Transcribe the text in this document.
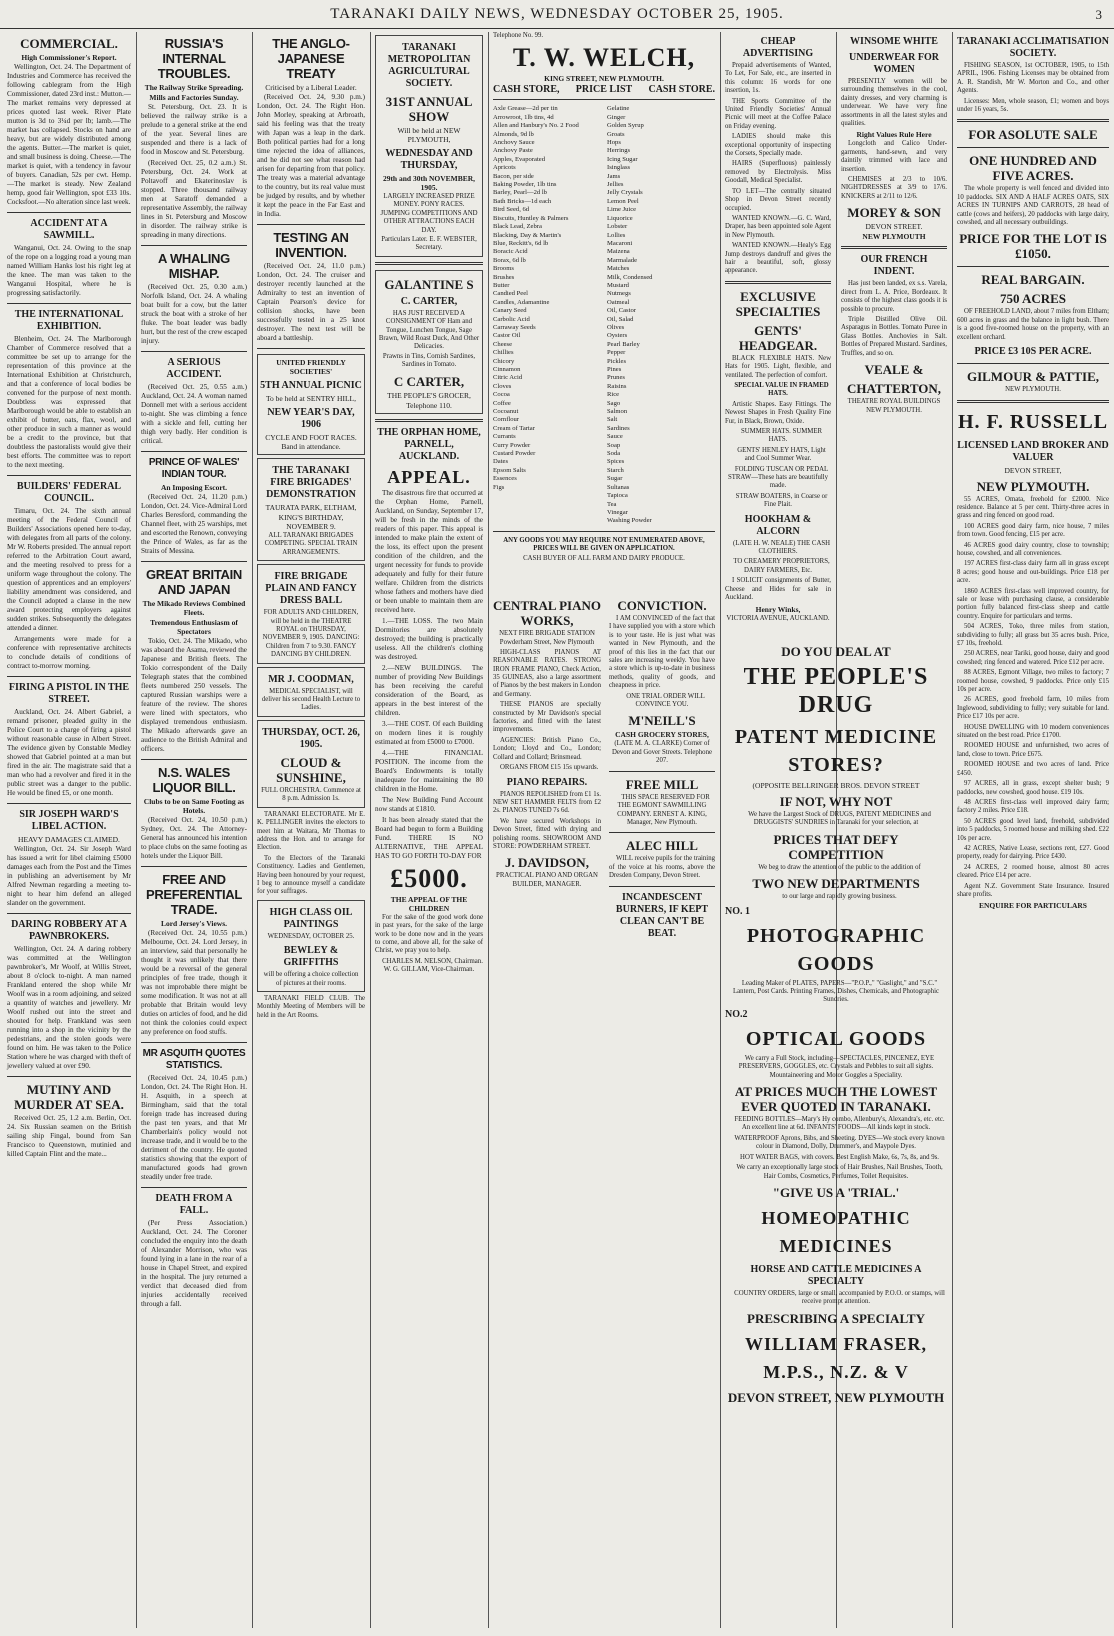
TARANAKI DAILY NEWS, WEDNESDAY OCTOBER 25, 1905.	3
COMMERCIAL.
High Commissioner's Report.

Wellington, Oct. 24. The Department of Industries and Commerce has received the following cablegram from the High Commissioner, dated 23rd inst.: Mutton.—The market remains very depressed at prices quoted last week. River Plate mutton is 3d to 3¼d per lb; lamb.—The market has collapsed. Stocks on hand are heavy, but are widely distributed among the agents. Butter.—The market is quiet, and small business is doing. Cheese.—The market is quiet, with a tendency in favour of buyers. Canadian, 52s per cwt. Hemp.—The market is steady. New Zealand hemp, good fair Wellington, spot £33 10s. Cocksfoot.—No alteration since last week.

ACCIDENT AT A SAWMILL.

Wanganui, Oct. 24. Owing to the snap of the rope on a logging road a young man named William Hanks lost his right leg at the knee. The man was taken to the Wanganui Hospital, where he is progressing satisfactorily.

THE INTERNATIONAL EXHIBITION.

Blenheim, Oct. 24. The Marlborough Chamber of Commerce resolved that a committee be set up to arrange for the representation of this province at the International Exhibition at Christchurch, and that a conference of local bodies be convened for the purpose of next month. Doubtless was expressed that Marlborough would be able to establish an exhibit of butter, oats, flax, wool, and other produce in such a manner as would be a credit to the province, but that doubtless the pastoralists would give their best efforts. The committee was to report to the next meeting.

BUILDERS' FEDERAL COUNCIL.

Timaru, Oct. 24. The sixth annual meeting of the Federal Council of Builders' Associations opened here to-day, with delegates from all parts of the colony. Mr W. Roberts presided. The annual report referred to the Arbitration Court award, and the meeting resolved to press for a uniform wage throughout the colony. The question of apprentices and an employers' liability amendment was considered, and the Council adopted a clause in the new award protecting employers against sudden strikes. Subsequently the delegates attended a dinner.

Arrangements were made for a conference with representative architects to conclude details of conditions of contract to-morrow morning.

FIRING A PISTOL IN THE STREET.

Auckland, Oct. 24. Albert Gabriel, a remand prisoner, pleaded guilty in the Police Court to a charge of firing a pistol without reasonable cause in Albert Street. The evidence given by Constable Medley showed that Gabriel pointed at a man but fired in the air. The magistrate said that a man who had a revolver and fired it in the public street was a danger to the public. He would be fined £5, or one month.

SIR JOSEPH WARD'S LIBEL ACTION.
HEAVY DAMAGES CLAIMED.

Wellington, Oct. 24. Sir Joseph Ward has issued a writ for libel claiming £5000 damages each from the Post and the Times in publishing an advertisement by Mr Alfred Newman regarding a meeting to-night to hear him defend an alleged slander on the government.

DARING ROBBERY AT A PAWNBROKERS.

Wellington, Oct. 24. A daring robbery was committed at the Wellington pawnbroker's, Mr Woolf, at Willis Street, about 8 o'clock to-night. A man named Frankland entered the shop while Mr Woolf was in a room adjoining, and seized a quantity of watches and jewellery. Mr Woolf rushed out into the street and shouted for help. Frankland was seen running into a shop in the vicinity by the pedestrians, and the stolen goods were found on him. He was taken to the Police Station where he was charged with theft of jewellery valued at over £90.

MUTINY AND MURDER AT SEA.

Received Oct. 25, 1.2 a.m. Berlin, Oct. 24. Six Russian seamen on the British sailing ship Fingal, bound from San Francisco to Queenstown, mutinied and killed Captain Flint and the mate...

RUSSIA'S INTERNAL TROUBLES.
The Railway Strike Spreading.
Mills and Factories Sunday.

St. Petersburg, Oct. 23. It is believed the railway strike is a prelude to a general strike at the end of the year. Several lines are suspended and there is a lack of food in Moscow and St. Petersburg.

(Received Oct. 25, 0.2 a.m.) St. Petersburg, Oct. 24. Work at Poltavoff and Ekaterinoslav is stopped. Three thousand railway men at Saratoff demanded a representative Assembly, the railway lines in St. Petersburg and Moscow in disorder. The railway strike is spreading in many directions.

A WHALING MISHAP.

(Received Oct. 25, 0.30 a.m.) Norfolk Island, Oct. 24. A whaling boat built for a cow, but the latter struck the boat with a stroke of her fluke. The boat leader was badly hurt, but the rest of the crew escaped injury.

A SERIOUS ACCIDENT.

(Received Oct. 25, 0.55 a.m.) Auckland, Oct. 24. A woman named Donnell met with a serious accident to-night. She was climbing a fence with a sickle and fell, cutting her thigh very badly. Her condition is critical.

PRINCE OF WALES' INDIAN TOUR.
An Imposing Escort.

(Received Oct. 24, 11.20 p.m.) London, Oct. 24. Vice-Admiral Lord Charles Beresford, commanding the Channel fleet, with 25 warships, met and escorted the Renown, conveying the Prince of Wales, as far as the Straits of Messina.

GREAT BRITAIN AND JAPAN
The Mikado Reviews Combined Fleets.
Tremendous Enthusiasm of Spectators

Tokio, Oct. 24. The Mikado, who was aboard the Asama, reviewed the Japanese and British fleets. The Tokio correspondent of the Daily Telegraph states that the combined fleets numbered 250 vessels. The captured Russian warships were a feature of the review. The shores were lined with spectators, who displayed tremendous enthusiasm. The Mikado afterwards gave an audience to the British Admiral and officers.

N.S. WALES LIQUOR BILL.
Clubs to be on Same Footing as Hotels.

(Received Oct. 24, 10.50 p.m.) Sydney, Oct. 24. The Attorney-General has announced his intention to place clubs on the same footing as hotels under the Liquor Bill.

FREE AND PREFERENTIAL TRADE.
Lord Jersey's Views.

(Received Oct. 24, 10.55 p.m.) Melbourne, Oct. 24. Lord Jersey, in an interview, said that personally he thought it was unlikely that there would be a reversal of the general principles of free trade, though it was not improbable there might be some modification. It was not at all probable that Britain would levy duties on articles of food, and he did not think the colonies could expect any preference on food stuffs.

MR ASQUITH QUOTES STATISTICS.

(Received Oct. 24, 10.45 p.m.) London, Oct. 24. The Right Hon. H. H. Asquith, in a speech at Birmingham, said that the total foreign trade has increased during the past ten years, and that Mr Chamberlain's policy would not increase trade, and it would be to the detriment of the country. He quoted statistics showing that the export of manufactured goods had grown steadily under free trade.

DEATH FROM A FALL.

(Per Press Association.) Auckland, Oct. 24. The Coroner concluded the enquiry into the death of Alexander Morrison, who was found lying in a lane in the rear of a house in Chapel Street, and expired in the hospital. The jury returned a verdict that deceased died from injuries accidentally received through a fall.

THE ANGLO-JAPANESE TREATY
Criticised by a Liberal Leader.

(Received Oct. 24, 9.30 p.m.) London, Oct. 24. The Right Hon. John Morley, speaking at Arbroath, said his feeling was that the treaty with Japan was a leap in the dark. Both political parties had for a long time rejected the idea of alliances, and he did not see what reason had arisen for departing from that policy. The treaty was a material advantage to the country, but its real value must be judged by results, and by whether it kept the peace in the Far East and in India.

TESTING AN INVENTION.

(Received Oct. 24, 11.0 p.m.) London, Oct. 24. The cruiser and destroyer recently launched at the Admiralty to test an invention of Captain Pearson's device for collision shocks, have been successfully tested in a 25 knot destroyer. The next test will be aboard a battleship.

UNITED FRIENDLY SOCIETIES'
5TH ANNUAL PICNIC
To be held at SENTRY HILL,
NEW YEAR'S DAY, 1906
CYCLE AND FOOT RACES. Band in attendance.
THE TARANAKI FIRE BRIGADES' DEMONSTRATION
TAURATA PARK, ELTHAM,
KING'S BIRTHDAY, NOVEMBER 9.
ALL TARANAKI BRIGADES COMPETING. SPECIAL TRAIN ARRANGEMENTS.
FIRE BRIGADE PLAIN AND FANCY DRESS BALL
FOR ADULTS AND CHILDREN, will be held in the THEATRE ROYAL on THURSDAY, NOVEMBER 9, 1905. DANCING: Children from 7 to 9.30. FANCY DANCING BY CHILDREN.
MR J. COODMAN,
MEDICAL SPECIALIST, will deliver his second Health Lecture to Ladies.
THURSDAY, OCT. 26, 1905.
CLOUD & SUNSHINE,
FULL ORCHESTRA. Commence at 8 p.m. Admission 1s.

TARANAKI ELECTORATE. Mr E. K. PELLINGER invites the electors to meet him at Waitara, Mr Thomas to address the Hon. and to arrange for Election.

To the Electors of the Taranaki Constituency. Ladies and Gentlemen, Having been honoured by your request, I beg to announce myself a candidate for your suffrages.

HIGH CLASS OIL PAINTINGS
WEDNESDAY, OCTOBER 25.
BEWLEY & GRIFFITHS
will be offering a choice collection of pictures at their rooms.

TARANAKI FIELD CLUB. The Monthly Meeting of Members will be held in the Art Rooms.

TARANAKI METROPOLITAN AGRICULTURAL SOCIETY.
31ST ANNUAL SHOW
Will be held at NEW PLYMOUTH,
WEDNESDAY AND THURSDAY,
29th and 30th NOVEMBER, 1905.
LARGELY INCREASED PRIZE MONEY. PONY RACES. JUMPING COMPETITIONS AND OTHER ATTRACTIONS EACH DAY.
Particulars Later. E. F. WEBSTER, Secretary.
GALANTINE S
C. CARTER,
HAS JUST RECEIVED A CONSIGNMENT OF Ham and Tongue, Lunchen Tongue, Sage Brawn, Wild Roast Duck, And Other Delicacies.
Prawns in Tins, Cornish Sardines, Sardines in Tomato.
C CARTER,
THE PEOPLE'S GROCER,
Telephone 110.
THE ORPHAN HOME, PARNELL, AUCKLAND.
APPEAL.

The disastrous fire that occurred at the Orphan Home, Parnell, Auckland, on Sunday, September 17, will be fresh in the minds of the readers of this paper. This appeal is intended to make plain the extent of the loss, its effect upon the present condition of the children, and the urgent necessity for funds to provide adequately and fully for their future welfare. Children from the districts whose fathers and mothers have died or been unable to maintain them are received here.

1.—THE LOSS. The two Main Dormitories are absolutely destroyed; the building is practically useless. All the children's clothing was destroyed.

2.—NEW BUILDINGS. The number of providing New Buildings has been receiving the careful consideration of the Board, as appears in the best interest of the children.

3.—THE COST. Of each Building on modern lines it is roughly estimated at from £5000 to £7000.

4.—THE FINANCIAL POSITION. The income from the Board's Endowments is totally inadequate for maintaining the 80 children in the Home.

The New Building Fund Account now stands at £1810.

It has been already stated that the Board had begun to form a Building Fund. THERE IS NO ALTERNATIVE, THE APPEAL HAS TO GO FORTH TO-DAY FOR

£5000.
THE APPEAL OF THE CHILDREN

For the sake of the good work done in past years, for the sake of the large work to be done now and in the years to come, and above all, for the sake of Christ, we pray you to help.

CHARLES M. NELSON, Chairman. W. G. GILLAM, Vice-Chairman.

Telephone No. 99.
T. W. WELCH,
KING STREET, NEW PLYMOUTH.
CASH STORE, PRICE LIST CASH STORE.
Axle Grease—2d per tin
Arrowroot, 1lb tins, 4d
Allen and Hanbury's No. 2 Food
Almonds, 9d lb
Anchovy Sauce
Anchovy Paste
Apples, Evaporated
Apricots
Bacon, per side
Baking Powder, 1lb tins
Barley, Pearl—2d lb
Bath Bricks—1d each
Bird Seed, 6d
Biscuits, Huntley & Palmers
Black Lead, Zebra
Blacking, Day & Martin's
Blue, Reckitt's, 6d lb
Boracic Acid
Borax, 6d lb
Brooms
Brushes
Butter
Candied Peel
Candles, Adamantine
Canary Seed
Carbolic Acid
Carraway Seeds
Castor Oil
Cheese
Chillies
Chicory
Cinnamon
Citric Acid
Cloves
Cocoa
Coffee
Cocoanut
Cornflour
Cream of Tartar
Currants
Curry Powder
Custard Powder
Dates
Epsom Salts
Essences
Figs
Gelatine
Ginger
Golden Syrup
Groats
Hops
Herrings
Icing Sugar
Isinglass
Jams
Jellies
Jelly Crystals
Lemon Peel
Lime Juice
Liquorice
Lobster
Lollies
Macaroni
Maizena
Marmalade
Matches
Milk, Condensed
Mustard
Nutmegs
Oatmeal
Oil, Castor
Oil, Salad
Olives
Oysters
Pearl Barley
Pepper
Pickles
Pines
Prunes
Raisins
Rice
Sago
Salmon
Salt
Sardines
Sauce
Soap
Soda
Spices
Starch
Sugar
Sultanas
Tapioca
Tea
Vinegar
Washing Powder
ANY GOODS YOU MAY REQUIRE NOT ENUMERATED ABOVE, PRICES WILL BE GIVEN ON APPLICATION.
CASH BUYER OF ALL FARM AND DAIRY PRODUCE.
CENTRAL PIANO WORKS,
NEXT FIRE BRIGADE STATION
Powderham Street, New Plymouth

HIGH-CLASS PIANOS AT REASONABLE RATES. STRONG IRON FRAME PIANO, Check Action, 35 GUINEAS, also a large assortment of Pianos by the best makers in London and Germany.

THESE PIANOS are specially constructed by Mr Davidson's special factories, and fitted with the latest improvements.

AGENCIES: British Piano Co., London; Lloyd and Co., London; Collard and Collard; Brinsmead.

ORGANS FROM £15 15s upwards.

PIANO REPAIRS.

PIANOS REPOLISHED from £1 1s. NEW SET HAMMER FELTS from £2 2s. PIANOS TUNED 7s 6d.

We have secured Workshops in Devon Street, fitted with drying and polishing rooms. SHOWROOM AND STORE: POWDERHAM STREET.

J. DAVIDSON,
PRACTICAL PIANO AND ORGAN BUILDER, MANAGER.
CONVICTION.

I AM CONVINCED of the fact that I have supplied you with a store which is to your taste. He is just what was wanted in New Plymouth, and the proof of this lies in the fact that our sales are increasing weekly. You have a store which is up-to-date in business methods, quality of goods, and cheapness in price.

ONE TRIAL ORDER WILL CONVINCE YOU.

M'NEILL'S
CASH GROCERY STORES,
(LATE M. A. CLARKE) Corner of Devon and Gover Streets. Telephone 207.
FREE MILL

THIS SPACE RESERVED FOR THE EGMONT SAWMILLING COMPANY. ERNEST A. KING, Manager, New Plymouth.

ALEC HILL

WILL receive pupils for the training of the voice at his rooms, above the Dresden Company, Devon Street.

INCANDESCENT BURNERS, IF KEPT CLEAN CAN'T BE BEAT.
CHEAP ADVERTISING

Prepaid advertisements of Wanted, To Let, For Sale, etc., are inserted in this column: 16 words for one insertion, 1s.

THE Sports Committee of the United Friendly Societies' Annual Picnic will meet at the Coffee Palace on Friday evening.

LADIES should make this exceptional opportunity of inspecting the Corsets, Specially made.

HAIRS (Superfluous) painlessly removed by Electrolysis. Miss Goodall, Medical Specialist.

TO LET—The centrally situated Shop in Devon Street recently occupied.

WANTED KNOWN.—G. C. Ward, Draper, has been appointed sole Agent in New Plymouth.

WANTED KNOWN.—Healy's Egg Jump destroys dandruff and gives the hair a beautiful, soft, glossy appearance.

EXCLUSIVE SPECIALTIES
GENTS' HEADGEAR.

BLACK FLEXIBLE HATS. New Hats for 1905. Light, flexible, and ventilated. The perfection of comfort.

SPECIAL VALUE IN FRAMED HATS.

Artistic Shapes. Easy Fittings. The Newest Shapes in Fresh Quality Fine Fur, in Black, Brown, Oxide.

SUMMER HATS. SUMMER HATS.

GENTS' HENLEY HATS, Light and Cool Summer Wear.

FOLDING TUSCAN OR PEDAL STRAW—These hats are beautifully made.

STRAW BOATERS, in Coarse or Fine Plait.

HOOKHAM & ALCORN

(LATE H. W. NEALE) THE CASH CLOTHIERS.

TO CREAMERY PROPRIETORS, DAIRY FARMERS, Etc.

I SOLICIT consignments of Butter, Cheese and Hides for sale in Auckland.

Henry Winks,
VICTORIA AVENUE, AUCKLAND.
WINSOME WHITE
UNDERWEAR FOR WOMEN

PRESENTLY women will be surrounding themselves in the cool, dainty dresses, and very charming is underwear. We have very fine assortments in all the latest styles and qualities.

Right Values Rule Here

Longcloth and Calico Under-garments, hand-sewn, and very daintily trimmed with lace and insertion.

CHEMISES at 2/3 to 10/6. NIGHTDRESSES at 3/9 to 17/6. KNICKERS at 2/11 to 12/6.

MOREY & SON
DEVON STREET.
NEW PLYMOUTH
OUR FRENCH INDENT.

Has just been landed, ex s.s. Varela, direct from L. A. Price, Bordeaux. It consists of the highest class goods it is possible to procure.

Triple Distilled Olive Oil. Asparagus in Bottles. Tomato Puree in Glass Bottles. Anchovies in Salt. Bottles of Prepared Mustard. Sardines, Truffles, and so on.

VEALE &
CHATTERTON,
THEATRE ROYAL BUILDINGS
NEW PLYMOUTH.
DO YOU DEAL AT
THE PEOPLE'S DRUG
PATENT MEDICINE STORES?
(OPPOSITE BELLRINGER BROS. DEVON STREET
IF NOT, WHY NOT

We have the Largest Stock of DRUGS, PATENT MEDICINES and DRUGGISTS' SUNDRIES in Taranaki for your selection, at

PRICES THAT DEFY COMPETITION

We beg to draw the attention of the public to the addition of

TWO NEW DEPARTMENTS

to our large and rapidly growing business.

NO. 1
PHOTOGRAPHIC GOODS

Leading Maker of PLATES, PAPERS—"P.O.P.," "Gaslight," and "S.C." Lantern, Post Cards. Printing Frames, Dishes, Chemicals, and Photographic Sundries.

NO.2
OPTICAL GOODS

We carry a Full Stock, including—SPECTACLES, PINCENEZ, EYE PRESERVERS, GOGGLES, etc. Crystals and Pebbles to suit all sights. Mountaineering and Motor Goggles a Speciality.

AT PRICES MUCH THE LOWEST EVER QUOTED IN TARANAKI.

FEEDING BOTTLES—Mary's Hy combo, Allenbury's, Alexandra's, etc. etc. An excellent line at 6d. INFANTS' FOODS—All kinds kept in stock.

WATERPROOF Aprons, Bibs, and Sheeting. DYES—We stock every known colour in Diamond, Dolly, Drummer's, and Maypole Dyes.

HOT WATER BAGS, with covers. Best English Make, 6s, 7s, 8s, and 9s.

We carry an exceptionally large stock of Hair Brushes, Nail Brushes, Tooth, Hair Combs, Cosmetics, Perfumes, Toilet Requisites.

"GIVE US A 'TRIAL.'
HOMEOPATHIC MEDICINES
HORSE AND CATTLE MEDICINES A SPECIALTY

COUNTRY ORDERS, large or small, accompanied by P.O.O. or stamps, will receive prompt attention.

PRESCRIBING A SPECIALTY
WILLIAM FRASER, M.P.S., N.Z. & V
DEVON STREET, NEW PLYMOUTH
TARANAKI ACCLIMATISATION SOCIETY.

FISHING SEASON, 1st OCTOBER, 1905, to 15th APRIL, 1906. Fishing Licenses may be obtained from A. R. Standish, Mr W. Morton and Co., and other Agents.

Licenses: Men, whole season, £1; women and boys under 16 years, 5s.

FOR ASOLUTE SALE
ONE HUNDRED AND FIVE ACRES.

The whole property is well fenced and divided into 10 paddocks. SIX AND A HALF ACRES OATS, SIX ACRES IN TURNIPS AND CARROTS, 28 head of cattle (cows and heifers), 20 paddocks with large dairy, cowshed, and all necessary outbuildings.

PRICE FOR THE LOT IS £1050.
REAL BARGAIN.
750 ACRES

OF FREEHOLD LAND, about 7 miles from Eltham; 600 acres in grass and the balance in light bush. There is a good five-roomed house on the property, with an excellent orchard.

PRICE £3 10S PER ACRE.
GILMOUR & PATTIE,
NEW PLYMOUTH.
H. F. RUSSELL
LICENSED LAND BROKER AND VALUER
DEVON STREET,
NEW PLYMOUTH.

55 ACRES, Omata, freehold for £2000. Nice residence. Balance at 5 per cent. Thirty-three acres in grass and ring fenced on good road.

100 ACRES good dairy farm, nice house, 7 miles from town. Good fencing, £15 per acre.

46 ACRES good dairy country, close to township; house, cowshed, and all conveniences.

197 ACRES first-class dairy farm all in grass except 8 acres; good house and out-buildings. Price £18 per acre.

1860 ACRES first-class well improved country, for sale or lease with purchasing clause, a considerable portion fully balanced first-class sheep and cattle country. Enquire for particulars and terms.

504 ACRES, Toko, three miles from station, subdividing to fully; all grass but 35 acres bush. Price, £7 10s, freehold.

250 ACRES, near Tariki, good house, dairy and good cowshed; ring fenced and watered. Price £12 per acre.

88 ACRES, Egmont Village, two miles to factory; 7 roomed house, cowshed, 9 paddocks. Price only £15 10s per acre.

26 ACRES, good freehold farm, 10 miles from Inglewood, subdividing to fully; very suitable for land. Price £17 10s per acre.

HOUSE DWELLING with 10 modern conveniences situated on the best road. Price £1700.

ROOMED HOUSE and unfurnished, two acres of land, close to town. Price £675.

ROOMED HOUSE and two acres of land. Price £450.

97 ACRES, all in grass, except shelter bush; 9 paddocks, new cowshed, good house. £19 10s.

48 ACRES first-class well improved dairy farm; factory 2 miles. Price £18.

50 ACRES good level land, freehold, subdivided into 5 paddocks, 5 roomed house and milking shed. £22 10s per acre.

42 ACRES, Native Lease, sections rent, £27. Good property, ready for dairying. Price £430.

24 ACRES, 2 roomed house, almost 80 acres cleared. Price £14 per acre.

Agent N.Z. Government State Insurance. Insured share profits.

ENQUIRE FOR PARTICULARS
